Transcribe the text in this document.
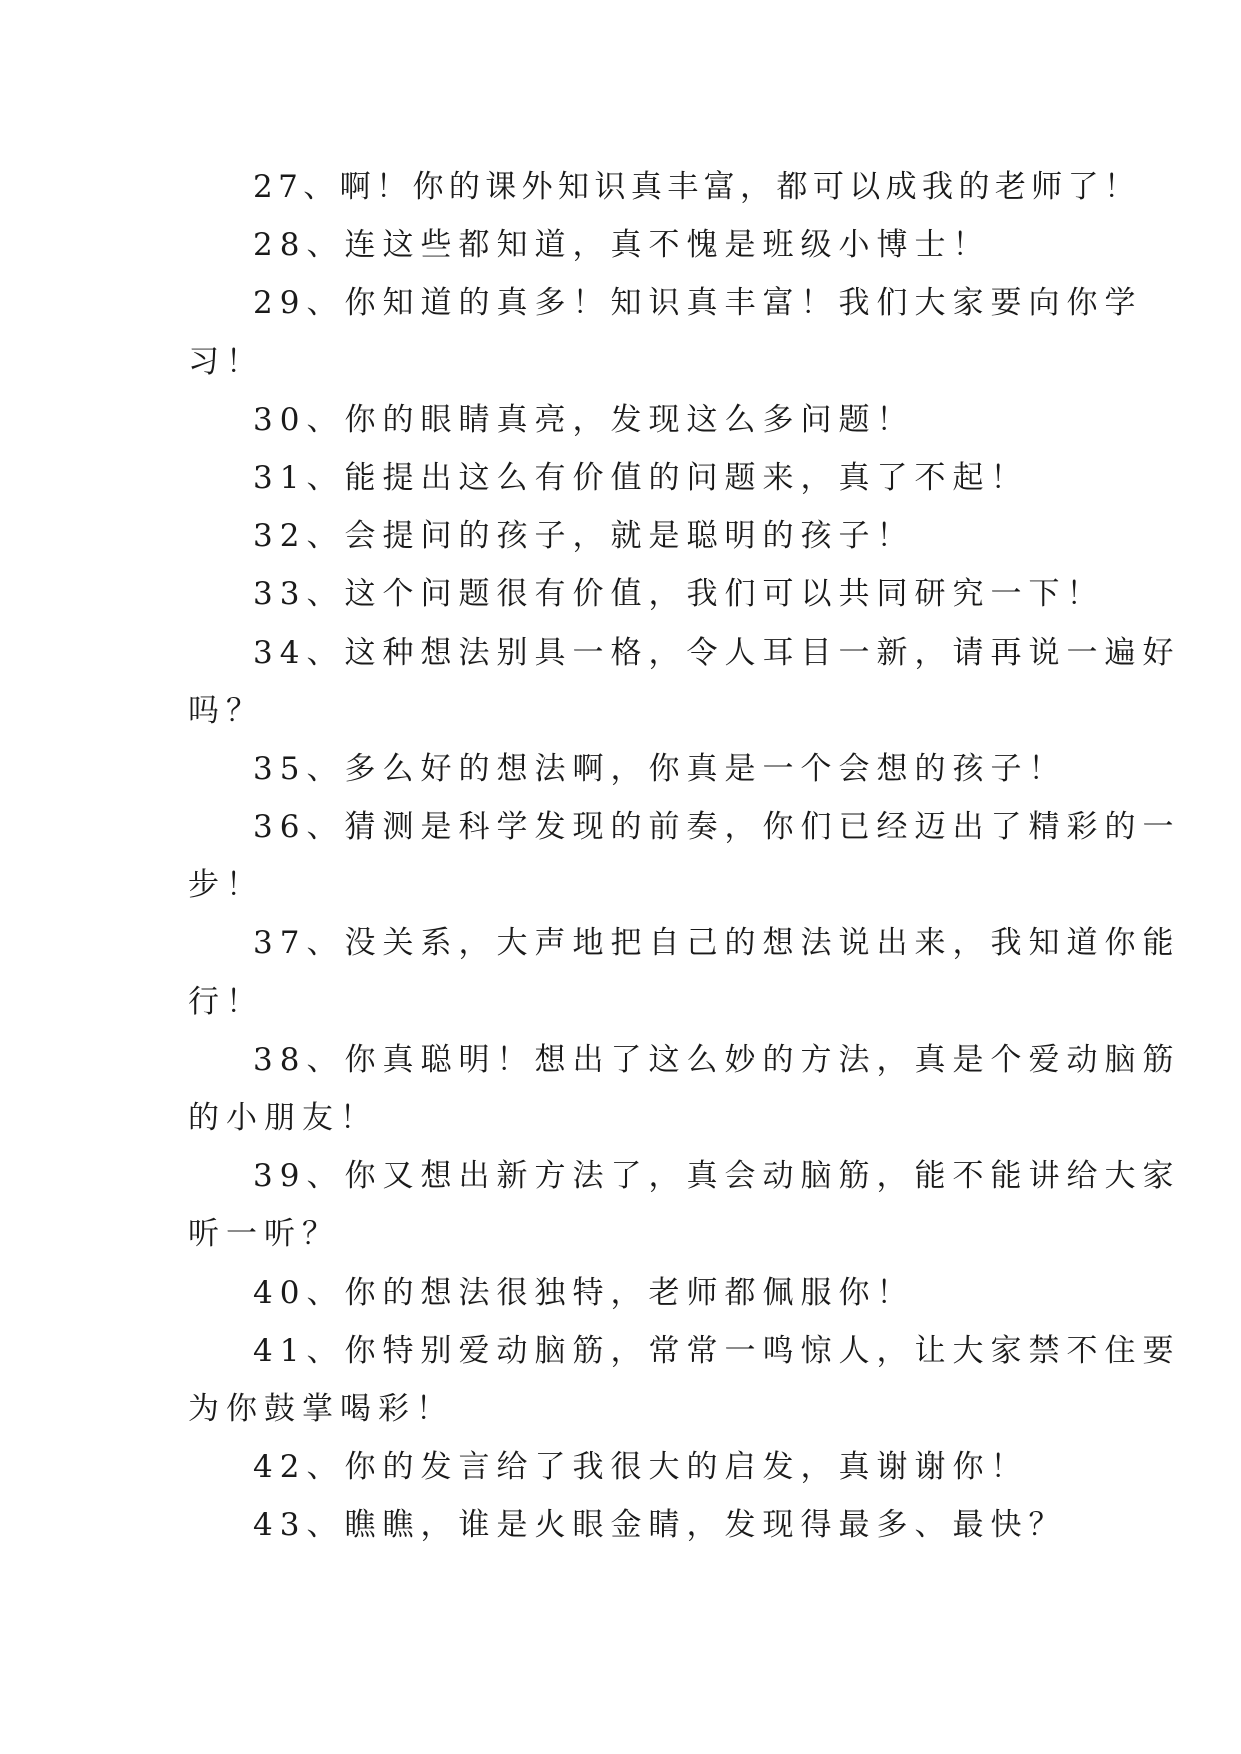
27、啊！你的课外知识真丰富，都可以成我的老师了！
28、连这些都知道，真不愧是班级小博士！
29、你知道的真多！知识真丰富！我们大家要向你学
习！
30、你的眼睛真亮，发现这么多问题！
31、能提出这么有价值的问题来，真了不起！
32、会提问的孩子，就是聪明的孩子！
33、这个问题很有价值，我们可以共同研究一下！
34、这种想法别具一格，令人耳目一新，请再说一遍好
吗？
35、多么好的想法啊，你真是一个会想的孩子！
36、猜测是科学发现的前奏，你们已经迈出了精彩的一
步！
37、没关系，大声地把自己的想法说出来，我知道你能
行！
38、你真聪明！想出了这么妙的方法，真是个爱动脑筋
的小朋友！
39、你又想出新方法了，真会动脑筋，能不能讲给大家
听一听？
40、你的想法很独特，老师都佩服你！
41、你特别爱动脑筋，常常一鸣惊人，让大家禁不住要
为你鼓掌喝彩！
42、你的发言给了我很大的启发，真谢谢你！
43、瞧瞧，谁是火眼金睛，发现得最多、最快？
